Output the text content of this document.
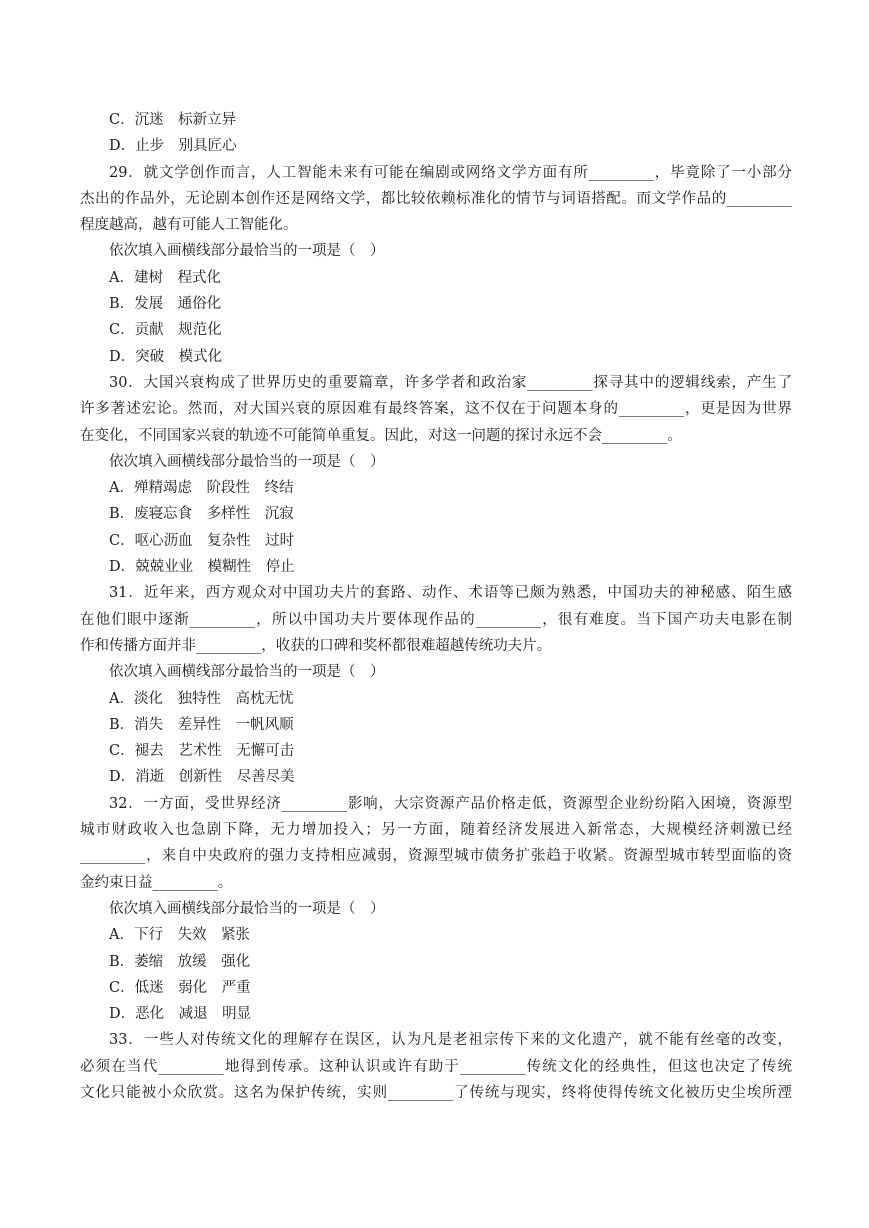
C．沉迷　标新立异
D．止步　别具匠心
29．就文学创作而言，人工智能未来有可能在编剧或网络文学方面有所_________，毕竟除了一小部分
杰出的作品外，无论剧本创作还是网络文学，都比较依赖标准化的情节与词语搭配。而文学作品的_________
程度越高，越有可能人工智能化。
依次填入画横线部分最恰当的一项是（　）
A．建树　程式化
B．发展　通俗化
C．贡献　规范化
D．突破　模式化
30．大国兴衰构成了世界历史的重要篇章，许多学者和政治家_________探寻其中的逻辑线索，产生了
许多著述宏论。然而，对大国兴衰的原因难有最终答案，这不仅在于问题本身的_________，更是因为世界
在变化，不同国家兴衰的轨迹不可能简单重复。因此，对这一问题的探讨永远不会_________。
依次填入画横线部分最恰当的一项是（　）
A．殚精竭虑　阶段性　终结
B．废寝忘食　多样性　沉寂
C．呕心沥血　复杂性　过时
D．兢兢业业　模糊性　停止
31．近年来，西方观众对中国功夫片的套路、动作、术语等已颇为熟悉，中国功夫的神秘感、陌生感
在他们眼中逐渐_________，所以中国功夫片要体现作品的_________，很有难度。当下国产功夫电影在制
作和传播方面并非_________，收获的口碑和奖杯都很难超越传统功夫片。
依次填入画横线部分最恰当的一项是（　）
A．淡化　独特性　高枕无忧
B．消失　差异性　一帆风顺
C．褪去　艺术性　无懈可击
D．消逝　创新性　尽善尽美
32．一方面，受世界经济_________影响，大宗资源产品价格走低，资源型企业纷纷陷入困境，资源型
城市财政收入也急剧下降，无力增加投入；另一方面，随着经济发展进入新常态，大规模经济刺激已经
_________，来自中央政府的强力支持相应减弱，资源型城市债务扩张趋于收紧。资源型城市转型面临的资
金约束日益_________。
依次填入画横线部分最恰当的一项是（　）
A．下行　失效　紧张
B．萎缩　放缓　强化
C．低迷　弱化　严重
D．恶化　减退　明显
33．一些人对传统文化的理解存在误区，认为凡是老祖宗传下来的文化遗产，就不能有丝毫的改变，
必须在当代_________地得到传承。这种认识或许有助于_________传统文化的经典性，但这也决定了传统
文化只能被小众欣赏。这名为保护传统，实则_________了传统与现实，终将使得传统文化被历史尘埃所湮
